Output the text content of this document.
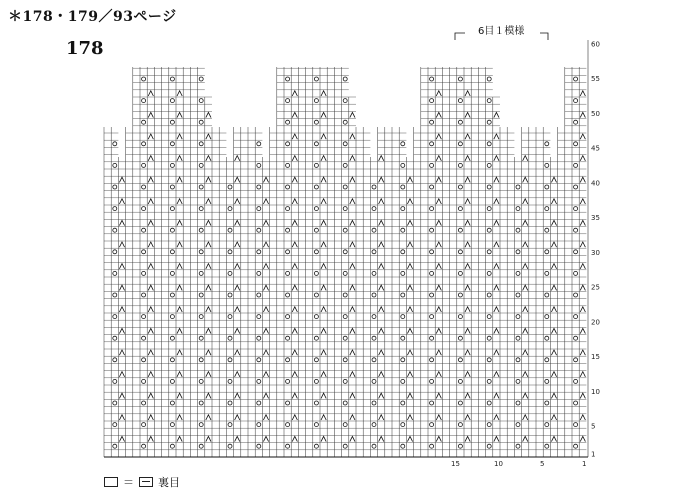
＊178・179／93ページ
178
6目１模様
60
55
50
45
40
35
30
25
20
15
10
5
1
15	10	5	1
＝ 裏目
